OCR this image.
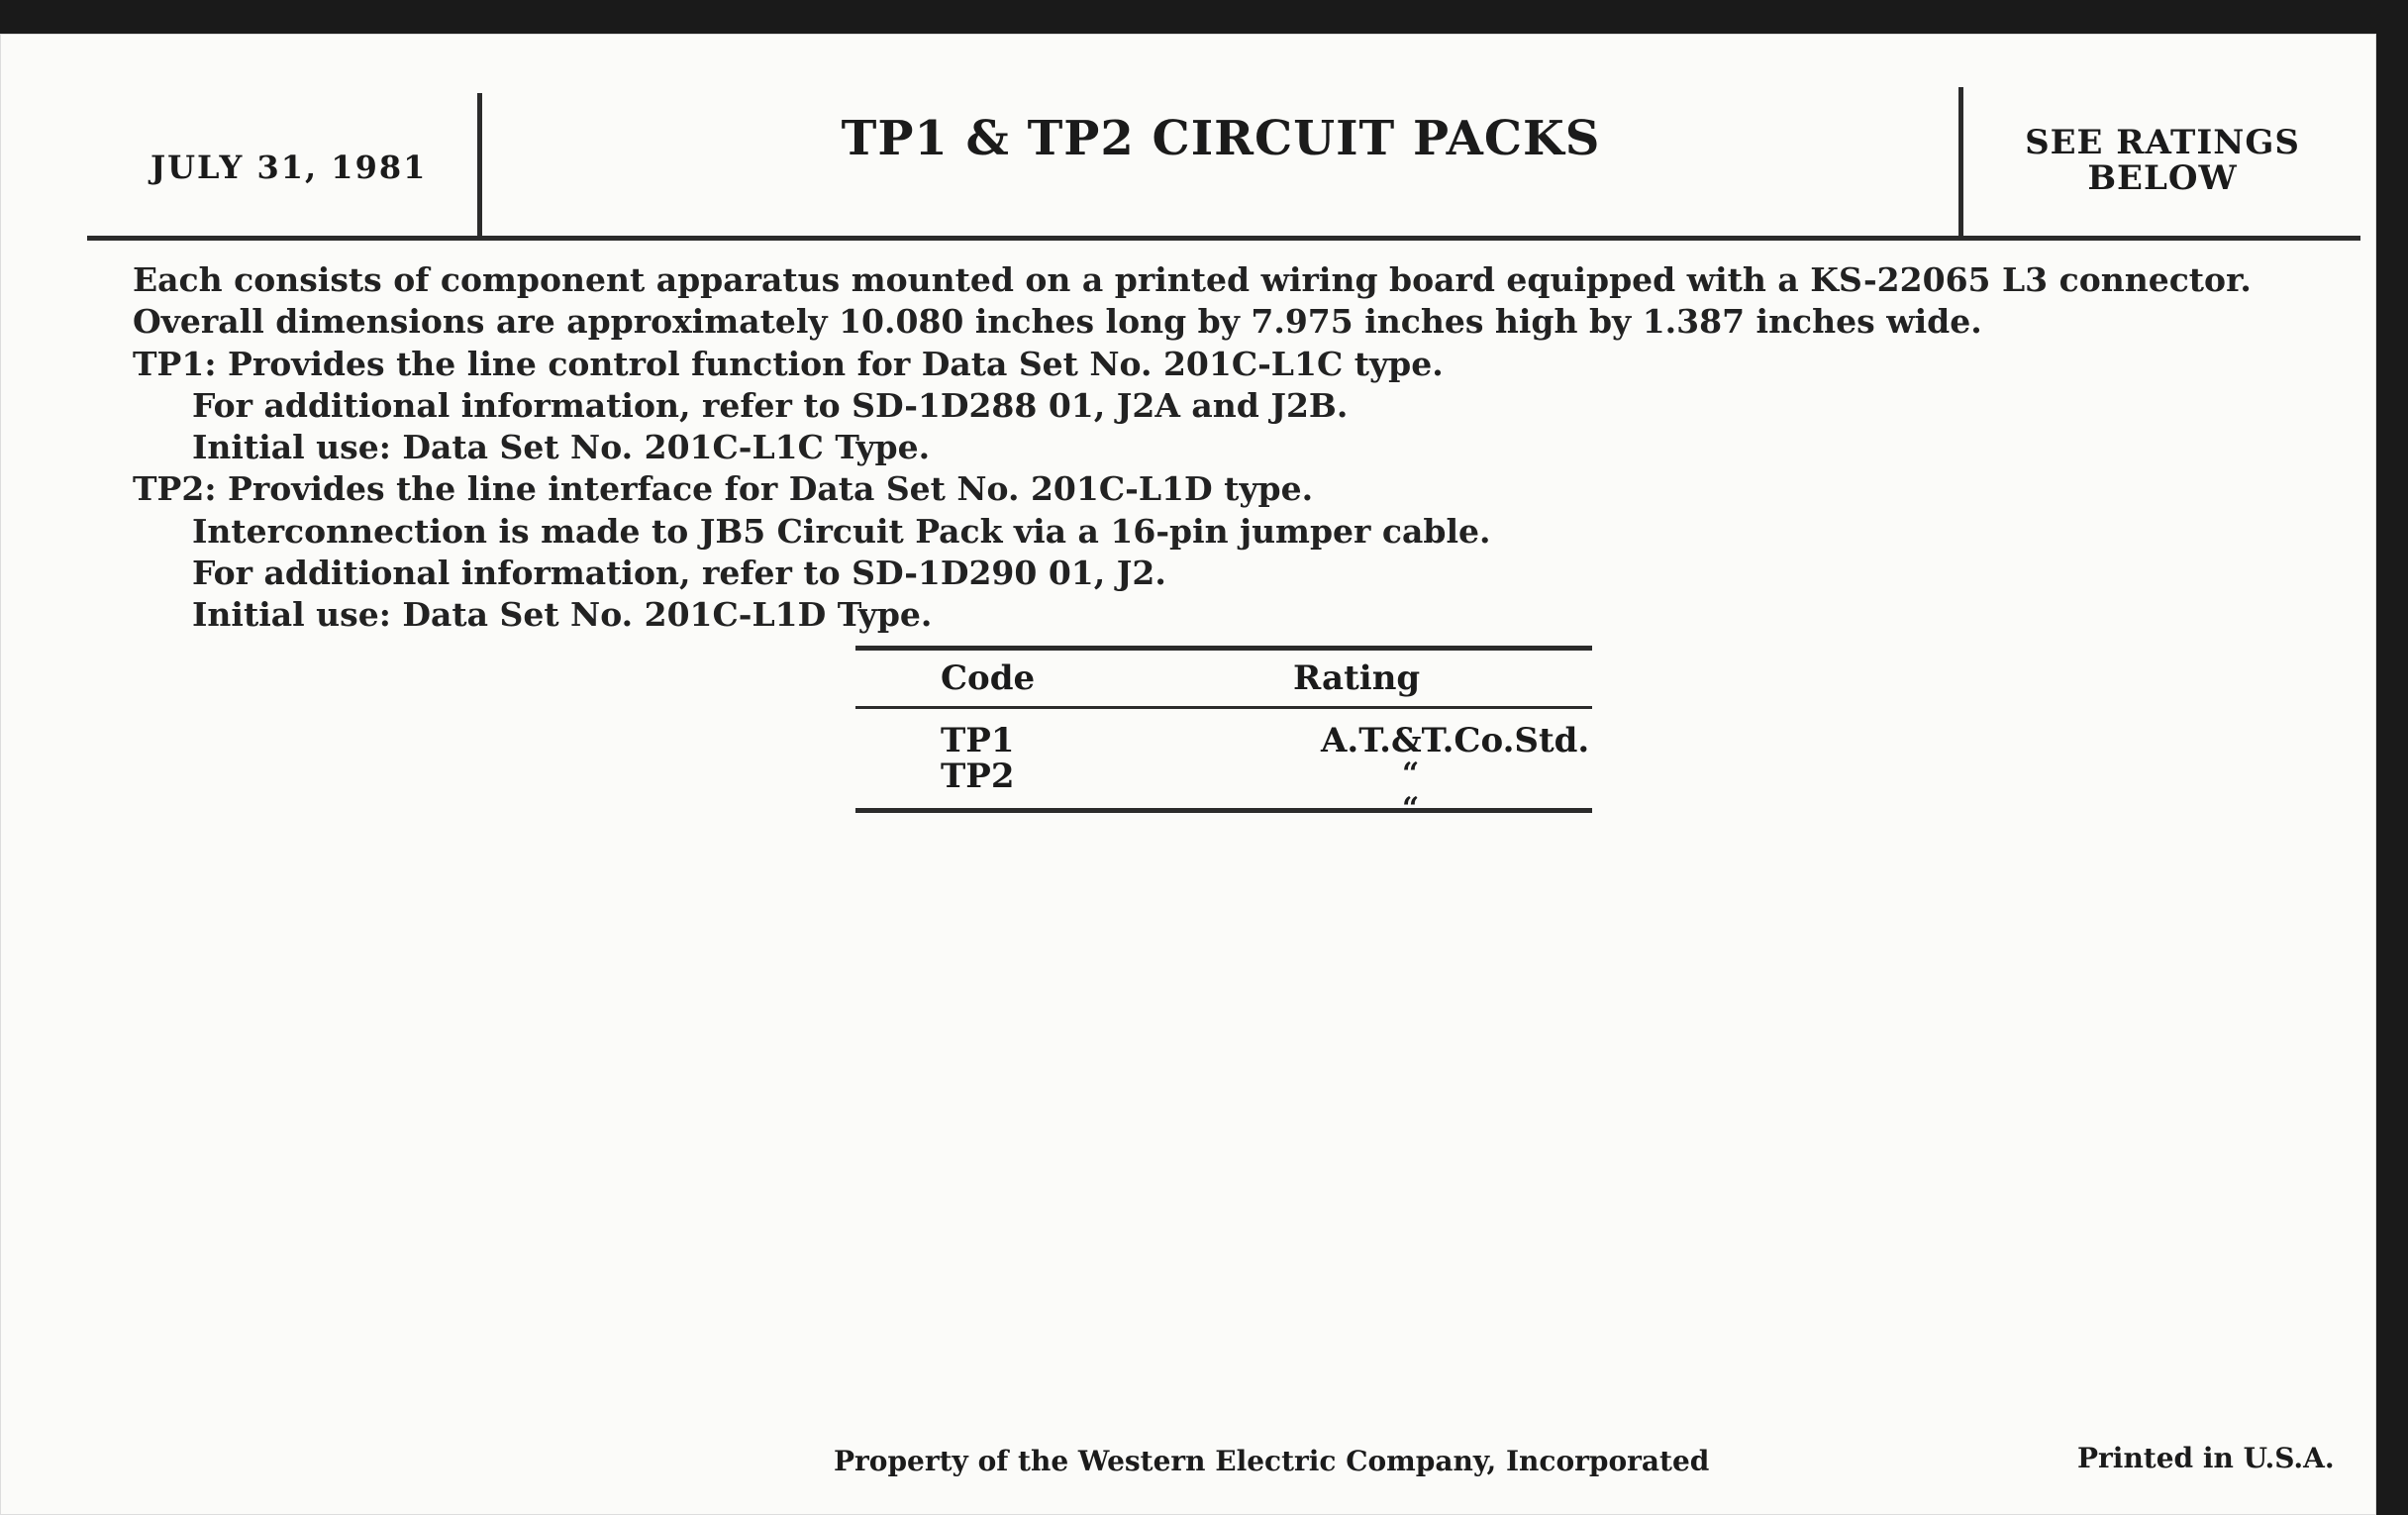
JULY 31, 1981
TP1 & TP2 CIRCUIT PACKS	SEE RATINGS
BELOW
Each consists of component apparatus mounted on a printed wiring board equipped with a KS-22065 L3 connector.
Overall dimensions are approximately 10.080 inches long by 7.975 inches high by 1.387 inches wide.
TP1: Provides the line control function for Data Set No. 201C-L1C type.
For additional information, refer to SD-1D288 01, J2A and J2B.
Initial use: Data Set No. 201C-L1C Type.
TP2: Provides the line interface for Data Set No. 201C-L1D type.
Interconnection is made to JB5 Circuit Pack via a 16-pin jumper cable.
For additional information, refer to SD-1D290 01, J2.
Initial use: Data Set No. 201C-L1D Type.
Code	Rating
TP1	A.T.&T.Co.Std.
TP2	“ “
Property of the Western Electric Company, Incorporated	Printed in U.S.A.
